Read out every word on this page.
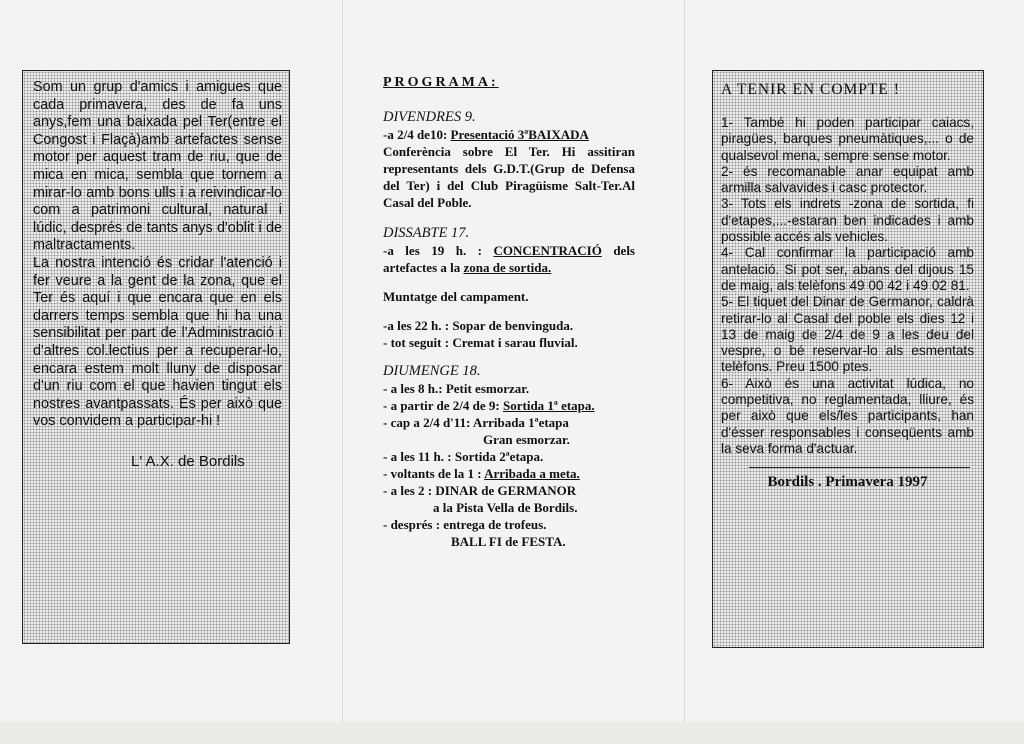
Som un grup d'amics i amigues que cada primavera, des de fa uns anys,fem una baixada pel Ter(entre el Congost i Flaçà)amb artefactes sense motor per aquest tram de riu, que de mica en mica, sembla que tornem a mirar-lo amb bons ulls i a reivindicar-lo com a patrimoni cultural, natural i lúdic, després de tants anys d'oblit i de maltractaments.

La nostra intenció és cridar l'atenció i fer veure a la gent de la zona, que el Ter és aquí i que encara que en els darrers temps sembla que hi ha una sensibilitat per part de l'Administració i d'altres col.lectius per a recuperar-lo, encara estem molt lluny de disposar d'un riu com el que havien tingut els nostres avantpassats. És per això que vos convidem a participar-hi !

L' A.X. de Bordils
PROGRAMA:
DIVENDRES 9.

-a 2/4 de10: Presentació 3ªBAIXADA

Conferència sobre El Ter. Hi assitiran representants dels G.D.T.(Grup de Defensa del Ter) i del Club Piragüisme Salt-Ter.Al Casal del Poble.

DISSABTE 17.

-a les 19 h. : CONCENTRACIÓ dels artefactes a la zona de sortida.

Muntatge del campament.

-a les 22 h. : Sopar de benvinguda.

- tot seguit : Cremat i sarau fluvial.

DIUMENGE 18.

- a les 8 h.: Petit esmorzar.

- a partir de 2/4 de 9: Sortida 1ª etapa.

- cap a 2/4 d'11: Arribada 1ªetapa

Gran esmorzar.

- a les 11 h. : Sortida 2ªetapa.

- voltants de la 1 : Arribada a meta.

- a les 2 : DINAR de GERMANOR

a la Pista Vella de Bordils.

- després : entrega de trofeus.

BALL FI de FESTA.

A TENIR EN COMPTE !

1- També hi poden participar caiacs, piragües, barques pneumàtiques,... o de qualsevol mena, sempre sense motor.

2- és recomanable anar equipat amb armilla salvavides i casc protector.

3- Tots els indrets -zona de sortida, fi d'etapes,...-estaran ben indicades i amb possible accés als vehicles.

4- Cal confirmar la participació amb antelació. Si pot ser, abans del dijous 15 de maig, als telèfons 49 00 42 i 49 02 81.

5- El tiquet del Dinar de Germanor, caldrà retirar-lo al Casal del poble els dies 12 i 13 de maig de 2/4 de 9 a les deu del vespre, o bé reservar-lo als esmentats telèfons. Preu 1500 ptes.

6- Això és una activitat lúdica, no competitiva, no reglamentada, lliure, és per això que els/les participants, han d'ésser responsables i conseqüents amb la seva forma d'actuar.

Bordils . Primavera 1997
